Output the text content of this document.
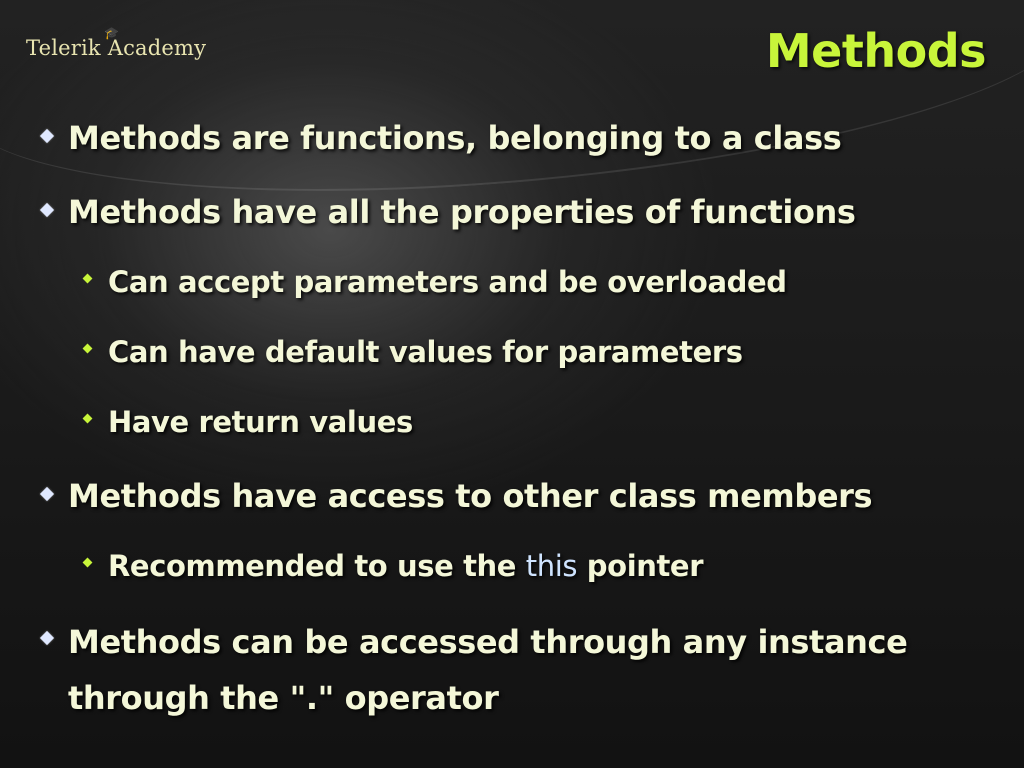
Telerik Academy
🎓	Methods
Methods are functions, belonging to a class
Methods have all the properties of functions
Can accept parameters and be overloaded
Can have default values for parameters
Have return values
Methods have access to other class members
Recommended to use the this pointer
Methods can be accessed through any instance through the "." operator
